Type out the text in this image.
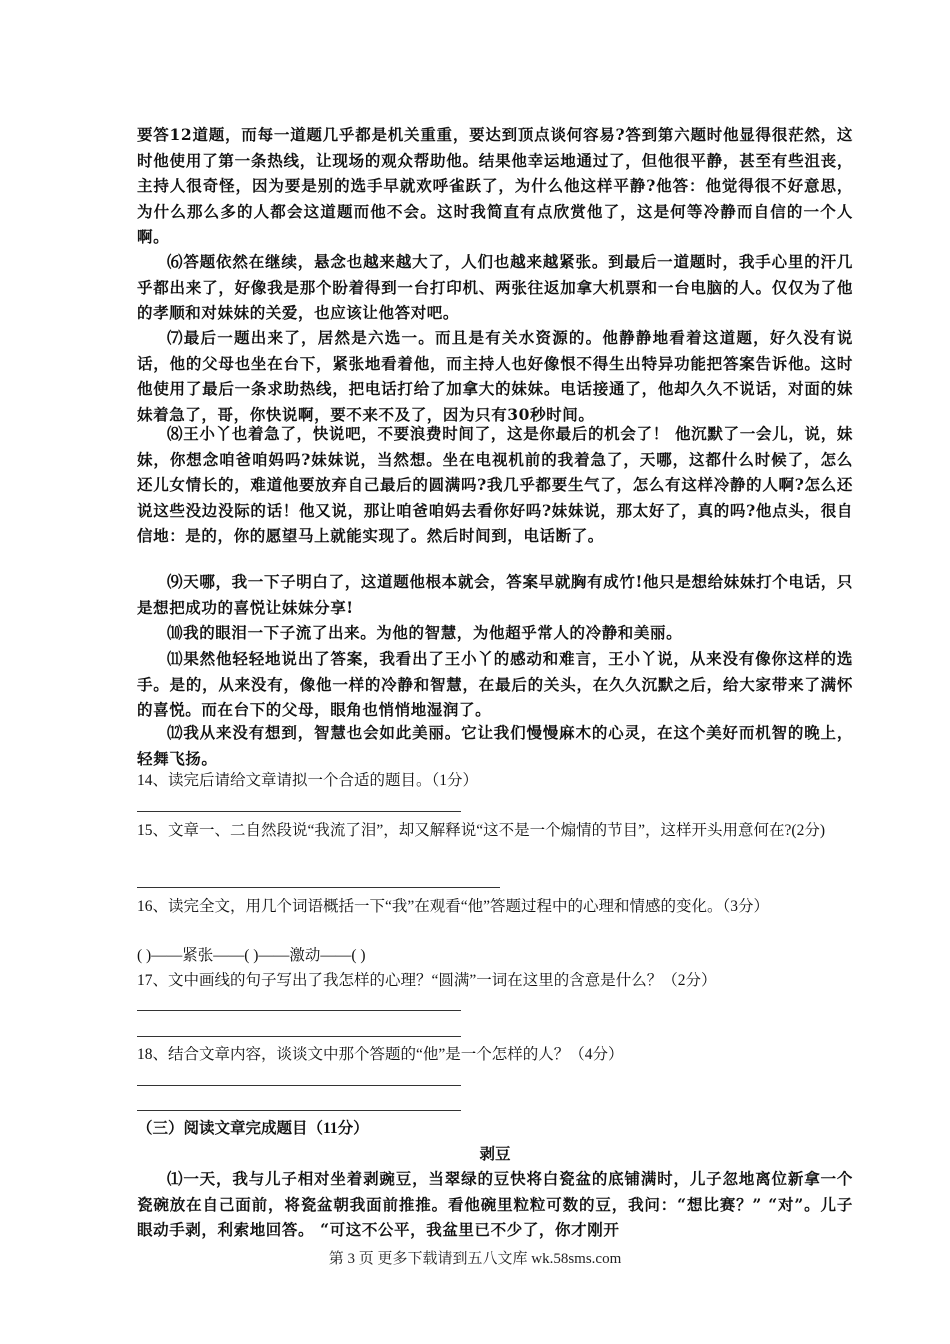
要答12道题，而每一道题几乎都是机关重重，要达到顶点谈何容易?答到第六题时他显得很茫然，这时他使用了第一条热线，让现场的观众帮助他。结果他幸运地通过了，但他很平静，甚至有些沮丧，主持人很奇怪，因为要是别的选手早就欢呼雀跃了，为什么他这样平静?他答：他觉得很不好意思，为什么那么多的人都会这道题而他不会。这时我简直有点欣赏他了，这是何等冷静而自信的一个人啊。
⑹答题依然在继续，悬念也越来越大了，人们也越来越紧张。到最后一道题时，我手心里的汗几乎都出来了，好像我是那个盼着得到一台打印机、两张往返加拿大机票和一台电脑的人。仅仅为了他的孝顺和对妹妹的关爱，也应该让他答对吧。
⑺最后一题出来了，居然是六选一。而且是有关水资源的。他静静地看着这道题，好久没有说话，他的父母也坐在台下，紧张地看着他，而主持人也好像恨不得生出特异功能把答案告诉他。这时他使用了最后一条求助热线，把电话打给了加拿大的妹妹。电话接通了，他却久久不说话，对面的妹妹着急了，哥，你快说啊，要不来不及了，因为只有30秒时间。
⑻王小丫也着急了，快说吧，不要浪费时间了，这是你最后的机会了！ 他沉默了一会儿，说，妹妹，你想念咱爸咱妈吗?妹妹说，当然想。坐在电视机前的我着急了，天哪，这都什么时候了，怎么还儿女情长的，难道他要放弃自己最后的圆满吗?我几乎都要生气了，怎么有这样冷静的人啊?怎么还说这些没边没际的话！他又说，那让咱爸咱妈去看你好吗?妹妹说，那太好了，真的吗?他点头，很自信地：是的，你的愿望马上就能实现了。然后时间到，电话断了。
⑼天哪，我一下子明白了，这道题他根本就会，答案早就胸有成竹!他只是想给妹妹打个电话，只是想把成功的喜悦让妹妹分享!
⑽我的眼泪一下子流了出来。为他的智慧，为他超乎常人的冷静和美丽。
⑾果然他轻轻地说出了答案，我看出了王小丫的感动和难言，王小丫说，从来没有像你这样的选手。是的，从来没有，像他一样的冷静和智慧，在最后的关头，在久久沉默之后，给大家带来了满怀的喜悦。而在台下的父母，眼角也悄悄地湿润了。
⑿我从来没有想到，智慧也会如此美丽。它让我们慢慢麻木的心灵，在这个美好而机智的晚上，轻舞飞扬。
14、读完后请给文章请拟一个合适的题目。（1分）
15、文章一、二自然段说“我流了泪”，却又解释说“这不是一个煽情的节目”，这样开头用意何在?(2分)
16、读完全文，用几个词语概括一下“我”在观看“他”答题过程中的心理和情感的变化。（3分）
( )——紧张——( )——激动——( )
17、文中画线的句子写出了我怎样的心理？“圆满”一词在这里的含意是什么？（2分）
18、结合文章内容，谈谈文中那个答题的“他”是一个怎样的人？（4分）
（三）阅读文章完成题目（11分）
剥豆
⑴一天，我与儿子相对坐着剥豌豆，当翠绿的豆快将白瓷盆的底铺满时，儿子忽地离位新拿一个瓷碗放在自己面前，将瓷盆朝我面前推推。看他碗里粒粒可数的豆，我问：“想比赛？” “对”。儿子眼动手剥，利索地回答。 “可这不公平，我盆里已不少了，你才刚开
第 3 页 更多下载请到五八文库 wk.58sms.com
